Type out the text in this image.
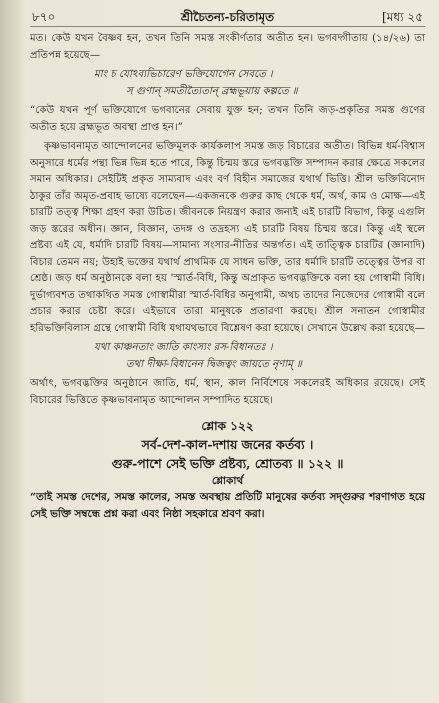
৮৭০	শ্রীচৈতন্য-চরিতামৃত	[মধ্য ২৫

মত। কেউ যখন বৈষ্ণব হন, তখন তিনি সমস্ত সংকীর্ণতার অতীত হন। ভগবদ্গীতায় (১৪/২৬) তা প্রতিপন্ন হয়েছে—

মাং চ যোঽব্যভিচারেণ ভক্তিযোগেন সেবতে ।

স গুণান্ সমতীত্যৈতান্ ব্রহ্মভূয়ায় কল্পতে ॥

“কেউ যখন পূর্ণ ভক্তিযোগে ভগবানের সেবায় যুক্ত হন; তখন তিনি জড়-প্রকৃতির সমস্ত গুণের অতীত হয়ে ব্রহ্মভূত অবস্থা প্রাপ্ত হন।”

কৃষ্ণভাবনামৃত আন্দোলনের ভক্তিমূলক কার্যকলাপ সমস্ত জড় বিচারের অতীত। বিভিন্ন ধর্ম-বিশ্বাস অনুসারে ধর্মের পন্থা ভিন্ন ভিন্ন হতে পারে, কিন্তু চিন্ময় স্তরে ভগবদ্ভক্তি সম্পাদন করার ক্ষেত্রে সকলের সমান অধিকার। সেইটিই প্রকৃত সাম্যবাদ এবং বর্ণ বিহীন সমাজের যথার্থ ভিত্তি। শ্রীল ভক্তিবিনোদ ঠাকুর তাঁর অমৃত-প্রবাহ ভাষ্যে বলেছেন—একজনকে গুরুর কাছ থেকে ধর্ম, অর্থ, কাম ও মোক্ষ—এই চারটি তত্ত্ব শিক্ষা গ্রহণ করা উচিত। জীবনকে নিয়ন্ত্রণ করার জন্যই এই চারটি বিভাগ, কিন্তু এগুলি জড় স্তরের অধীন। জ্ঞান, বিজ্ঞান, তদঙ্গ ও তদ্রহস্য এই চারটি বিষয় চিন্ময় স্তরে। কিন্তু এই স্থলে প্রষ্টব্য এই যে, ধর্মাদি চারটি বিষয়—সামান্য সংসার-নীতির অন্তর্গত। এই তাত্ত্বিক চারটির (জ্ঞানাদি) বিচার তেমন নয়; উহাই ভক্তের যথার্থ প্রাথমিক যে সাধন ভক্তি, তার ধর্মাদি চারটি তত্ত্বের উপর বা শ্রেষ্ঠ। জড় ধর্ম অনুষ্ঠানকে বলা হয় 'স্মার্ত-বিধি, কিন্তু অপ্রাকৃত ভগবদ্ভক্তিকে বলা হয় গোস্বামী বিধি। দুর্ভাগ্যবশত তথাকথিত সমস্ত গোস্বামীরা স্মার্ত-বিধির অনুগামী, অথচ তাদের নিজেদের গোস্বামী বলে প্রচার করার চেষ্টা করে। এইভাবে তারা মানুষকে প্রতারণা করছে। শ্রীল সনাতন গোস্বামীর হরিভক্তিবিলাস গ্রন্থে গোস্বামী বিধি যথাযথভাবে বিশ্লেষণ করা হয়েছে। সেখানে উল্লেখ করা হয়েছে—

যথা কাঞ্চনতাং জাতি কাংস্যং রস-বিধানতঃ ।

তথা দীক্ষা-বিধানেন দ্বিজত্বং জায়তে নৃণাম্ ॥

অর্থাৎ, ভগবদ্ভক্তির অনুষ্ঠানে জাতি, ধর্ম, স্থান, কাল নির্বিশেষে সকলেরই অধিকার রয়েছে। সেই বিচারের ভিত্তিতে কৃষ্ণভাবনামৃত আন্দোলন সম্পাদিত হয়েছে।

শ্লোক ১২২
সর্ব-দেশ-কাল-দশায় জনের কর্তব্য ।
গুরু-পাশে সেই ভক্তি প্রষ্টব্য, শ্রোতব্য ॥ ১২২ ॥
শ্লোকার্থ

“তাই সমস্ত দেশের, সমস্ত কালের, সমস্ত অবস্থায় প্রতিটি মানুষের কর্তব্য সদ্গুরুর শরণাগত হয়ে সেই ভক্তি সম্বন্ধে প্রশ্ন করা এবং নিষ্ঠা সহকারে শ্রবণ করা।
